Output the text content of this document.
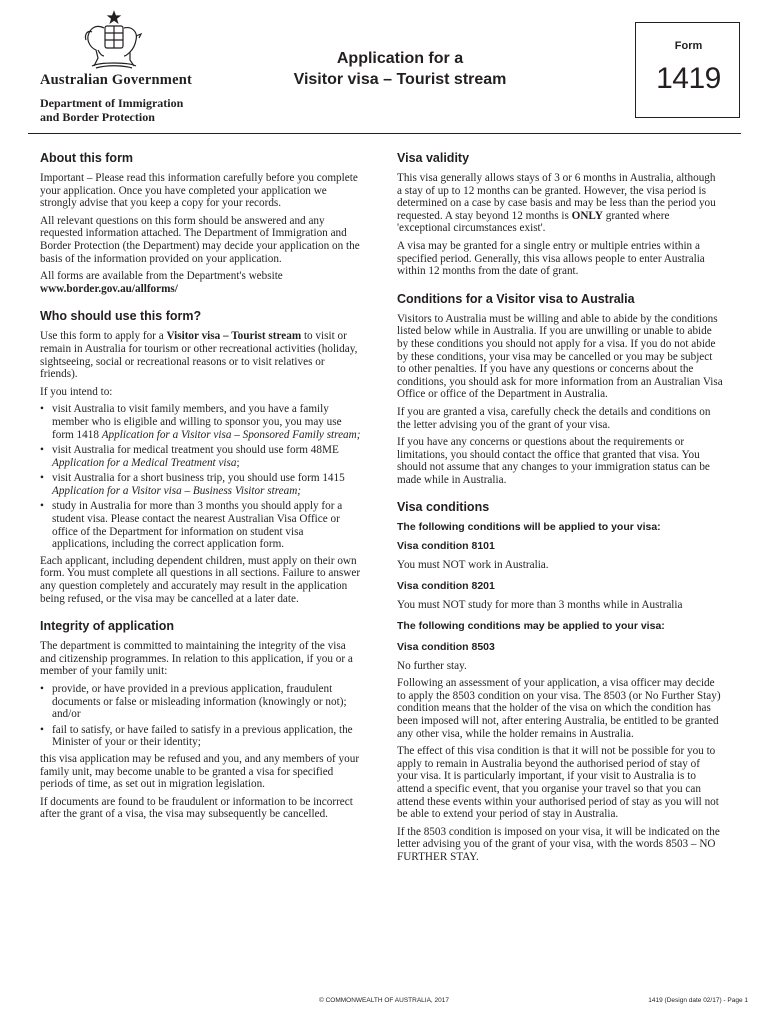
Australian Government
Department of Immigration
and Border Protection
Application for a
Visitor visa – Tourist stream
Form
1419
About this form

Important – Please read this information carefully before you complete your application. Once you have completed your application we strongly advise that you keep a copy for your records.

All relevant questions on this form should be answered and any requested information attached. The Department of Immigration and Border Protection (the Department) may decide your application on the basis of the information provided on your application.

All forms are available from the Department's website
www.border.gov.au/allforms/

Who should use this form?

Use this form to apply for a Visitor visa – Tourist stream to visit or remain in Australia for tourism or other recreational activities (holiday, sightseeing, social or recreational reasons or to visit relatives or friends).

If you intend to:

• visit Australia to visit family members, and you have a family member who is eligible and willing to sponsor you, you may use form 1418 Application for a Visitor visa – Sponsored Family stream;
• visit Australia for medical treatment you should use form 48ME Application for a Medical Treatment visa;
• visit Australia for a short business trip, you should use form 1415 Application for a Visitor visa – Business Visitor stream;
• study in Australia for more than 3 months you should apply for a student visa. Please contact the nearest Australian Visa Office or office of the Department for information on student visa applications, including the correct application form.

Each applicant, including dependent children, must apply on their own form. You must complete all questions in all sections. Failure to answer any question completely and accurately may result in the application being refused, or the visa may be cancelled at a later date.

Integrity of application

The department is committed to maintaining the integrity of the visa and citizenship programmes. In relation to this application, if you or a member of your family unit:

• provide, or have provided in a previous application, fraudulent documents or false or misleading information (knowingly or not); and/or
• fail to satisfy, or have failed to satisfy in a previous application, the Minister of your or their identity;

this visa application may be refused and you, and any members of your family unit, may become unable to be granted a visa for specified periods of time, as set out in migration legislation.

If documents are found to be fraudulent or information to be incorrect after the grant of a visa, the visa may subsequently be cancelled.

Visa validity

This visa generally allows stays of 3 or 6 months in Australia, although a stay of up to 12 months can be granted. However, the visa period is determined on a case by case basis and may be less than the period you requested. A stay beyond 12 months is ONLY granted where 'exceptional circumstances exist'.

A visa may be granted for a single entry or multiple entries within a specified period. Generally, this visa allows people to enter Australia within 12 months from the date of grant.

Conditions for a Visitor visa to Australia

Visitors to Australia must be willing and able to abide by the conditions listed below while in Australia. If you are unwilling or unable to abide by these conditions you should not apply for a visa. If you do not abide by these conditions, your visa may be cancelled or you may be subject to other penalties. If you have any questions or concerns about the conditions, you should ask for more information from an Australian Visa Office or office of the Department in Australia.

If you are granted a visa, carefully check the details and conditions on the letter advising you of the grant of your visa.

If you have any concerns or questions about the requirements or limitations, you should contact the office that granted that visa. You should not assume that any changes to your immigration status can be made while in Australia.

Visa conditions
The following conditions will be applied to your visa:
Visa condition 8101

You must NOT work in Australia.

Visa condition 8201

You must NOT study for more than 3 months while in Australia

The following conditions may be applied to your visa:
Visa condition 8503

No further stay.

Following an assessment of your application, a visa officer may decide to apply the 8503 condition on your visa. The 8503 (or No Further Stay) condition means that the holder of the visa on which the condition has been imposed will not, after entering Australia, be entitled to be granted any other visa, while the holder remains in Australia.

The effect of this visa condition is that it will not be possible for you to apply to remain in Australia beyond the authorised period of stay of your visa. It is particularly important, if your visit to Australia is to attend a specific event, that you organise your travel so that you can attend these events within your authorised period of stay as you will not be able to extend your period of stay in Australia.

If the 8503 condition is imposed on your visa, it will be indicated on the letter advising you of the grant of your visa, with the words 8503 – NO FURTHER STAY.

© COMMONWEALTH OF AUSTRALIA, 2017	1419 (Design date 02/17) - Page 1
